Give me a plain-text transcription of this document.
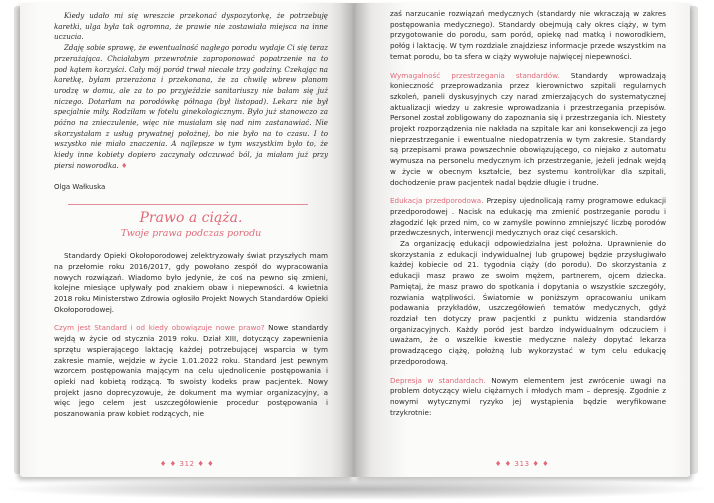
Kiedy udało mi się wreszcie przekonać dyspozytorkę, że potrzebuję karetki, ulga była tak ogromna, że prawie nie zostawiała miejsca na inne uczucia.

Zdaję sobie sprawę, że ewentualność nagłego porodu wydaje Ci się teraz przerażająca. Chciałabym przewrotnie zaproponować popatrzenie na to pod kątem korzyści. Cały mój poród trwał niecałe trzy godziny. Czekając na karetkę, byłam przerażona i przekonana, że za chwilę wbrew planom urodzę w domu, ale za to po przyjeździe sanitariuszy nie bałam się już niczego. Dotarłam na porodówkę półnaga (był listopad). Lekarz nie był specjalnie miły. Rodziłam w fotelu ginekologicznym. Było już stanowczo za późno na znieczulenie, więc nie musiałam się nad nim zastanawiać. Nie skorzystałam z usług prywatnej położnej, bo nie było na to czasu. I to wszystko nie miało znaczenia. A najlepsze w tym wszystkim było to, że kiedy inne kobiety dopiero zaczynały odczuwać ból, ja miałam już przy piersi noworodka. ♦

Olga Wałkuska

Prawo a ciąża.
Twoje prawa podczas porodu

Standardy Opieki Okołoporodowej zelektryzowały świat przyszłych mam na przełomie roku 2016/2017, gdy powołano zespół do wypracowania nowych rozwiązań. Wiadomo było jedynie, że coś na pewno się zmieni, kolejne miesiące upływały pod znakiem obaw i niepewności. 4 kwietnia 2018 roku Ministerstwo Zdrowia ogłosiło Projekt Nowych Standardów Opieki Okołoporodowej.

Czym jest Standard i od kiedy obowiązuje nowe prawo? Nowe standardy wejdą w życie od stycznia 2019 roku. Dział XIII, dotyczący zapewnienia sprzętu wspierającego laktację każdej potrzebującej wsparcia w tym zakresie mamie, wejdzie w życie 1.01.2022 roku. Standard jest pewnym wzorcem postępowania mającym na celu ujednolicenie postępowania i opieki nad kobietą rodzącą. To swoisty kodeks praw pacjentek. Nowy projekt jasno doprecyzowuje, że dokument ma wymiar organizacyjny, a więc jego celem jest uszczegółowienie procedur postępowania i poszanowania praw kobiet rodzących, nie

♦ ♦ 312 ♦ ♦

zaś narzucanie rozwiązań medycznych (standardy nie wkraczają w zakres postępowania medycznego). Standardy obejmują cały okres ciąży, w tym przygotowanie do porodu, sam poród, opiekę nad matką i noworodkiem, połóg i laktację. W tym rozdziale znajdziesz informacje przede wszystkim na temat porodu, bo ta sfera w ciąży wywołuje najwięcej niepewności.

Wymagalność przestrzegania standardów. Standardy wprowadzają konieczność przeprowadzania przez kierownictwo szpitali regularnych szkoleń, paneli dyskusyjnych czy narad zmierzających do systematycznej aktualizacji wiedzy u zakresie wprowadzania i przestrzegania przepisów. Personel został zobligowany do zapoznania się i przestrzegania ich. Niestety projekt rozporządzenia nie nakłada na szpitale kar ani konsekwencji za jego nieprzestrzeganie i ewentualne niedopatrzenia w tym zakresie. Standardy są przepisami prawa powszechnie obowiązującego, co niejako z automatu wymusza na personelu medycznym ich przestrzeganie, jeżeli jednak wejdą w życie w obecnym kształcie, bez systemu kontroli/kar dla szpitali, dochodzenie praw pacjentek nadal będzie długie i trudne.

Edukacja przedporodowa. Przepisy ujednolicają ramy programowe edukacji przedporodowej . Nacisk na edukację ma zmienić postrzeganie porodu i złagodzić lęk przed nim, co w zamyśle powinno zmniejszyć liczbę porodów przedwczesnych, interwencji medycznych oraz cięć cesarskich.

Za organizację edukacji odpowiedzialna jest położna. Uprawnienie do skorzystania z edukacji indywidualnej lub grupowej będzie przysługiwało każdej kobiecie od 21. tygodnia ciąży (do porodu). Do skorzystania z edukacji masz prawo ze swoim mężem, partnerem, ojcem dziecka. Pamiętaj, że masz prawo do spotkania i dopytania o wszystkie szczegóły, rozwiania wątpliwości. Światomie w poniższym opracowaniu unikam podawania przykładów, uszczegółowień tematów medycznych, gdyż rozdział ten dotyczy praw pacjentki z punktu widzenia standardów organizacyjnych. Każdy poród jest bardzo indywidualnym odczuciem i uważam, że o wszelkie kwestie medyczne należy dopytać lekarza prowadzącego ciążę, położną lub wykorzystać w tym celu edukację przedporodową.

Depresja w standardach. Nowym elementem jest zwrócenie uwagi na problem dotyczący wielu ciężarnych i młodych mam – depresję. Zgodnie z nowymi wytycznymi ryzyko jej wystąpienia będzie weryfikowane trzykrotnie:

♦ ♦ 313 ♦ ♦
